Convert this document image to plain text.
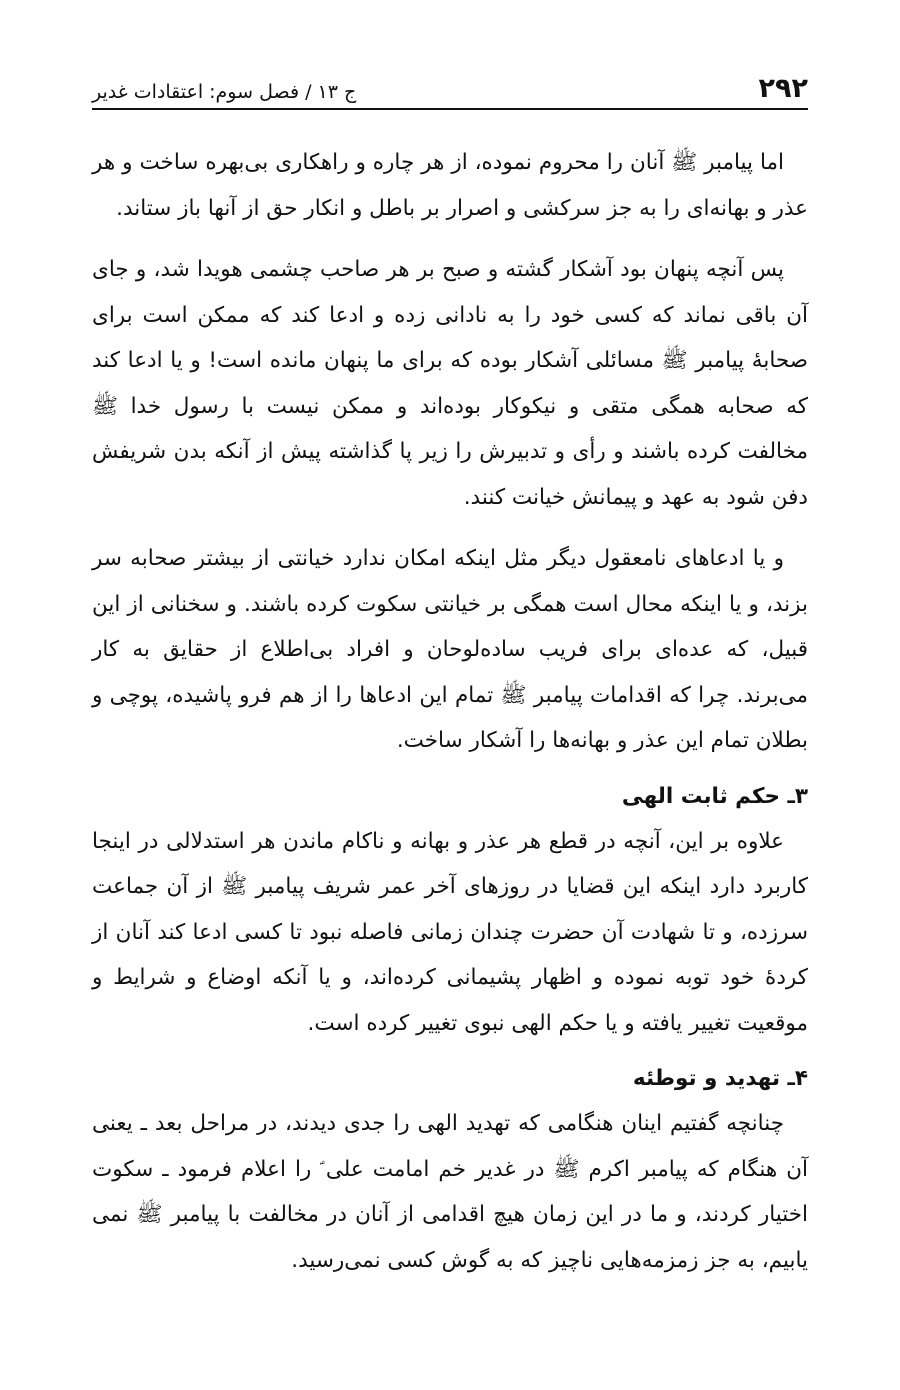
۲۹۲
ج ۱۳ / فصل سوم: اعتقادات غدیر

اما پیامبر ﷺ آنان را محروم نموده، از هر چاره و راهکاری بی‌بهره ساخت و هر عذر و بهانه‌ای را به جز سرکشی و اصرار بر باطل و انکار حق از آنها باز ستاند.

پس آنچه پنهان بود آشکار گشته و صبح بر هر صاحب چشمی هویدا شد، و جای آن باقی نماند که کسی خود را به نادانی زده و ادعا کند که ممکن است برای صحابهٔ پیامبر ﷺ مسائلی آشکار بوده که برای ما پنهان مانده است! و یا ادعا کند که صحابه همگی متقی و نیکوکار بوده‌اند و ممکن نیست با رسول خدا ﷺ مخالفت کرده باشند و رأی و تدبیرش را زیر پا گذاشته پیش از آنکه بدن شریفش دفن شود به عهد و پیمانش خیانت کنند.

و یا ادعاهای نامعقول دیگر مثل اینکه امکان ندارد خیانتی از بیشتر صحابه سر بزند، و یا اینکه محال است همگی بر خیانتی سکوت کرده باشند. و سخنانی از این قبیل، که عده‌ای برای فریب ساده‌لوحان و افراد بی‌اطلاع از حقایق به کار می‌برند. چرا که اقدامات پیامبر ﷺ تمام این ادعاها را از هم فرو پاشیده، پوچی و بطلان تمام این عذر و بهانه‌ها را آشکار ساخت.

۳ـ حکم ثابت الهی

علاوه بر این، آنچه در قطع هر عذر و بهانه و ناکام ماندن هر استدلالی در اینجا کاربرد دارد اینکه این قضایا در روزهای آخر عمر شریف پیامبر ﷺ از آن جماعت سرزده، و تا شهادت آن حضرت چندان زمانی فاصله نبود تا کسی ادعا کند آنان از کردهٔ خود توبه نموده و اظهار پشیمانی کرده‌اند، و یا آنکه اوضاع و شرایط و موقعیت تغییر یافته و یا حکم الهی نبوی تغییر کرده است.

۴ـ تهدید و توطئه

چنانچه گفتیم اینان هنگامی که تهدید الهی را جدی دیدند، در مراحل بعد ـ یعنی آن هنگام که پیامبر اکرم ﷺ در غدیر خم امامت علی ؑ را اعلام فرمود ـ سکوت اختیار کردند، و ما در این زمان هیچ اقدامی از آنان در مخالفت با پیامبر ﷺ نمی یابیم، به جز زمزمه‌هایی ناچیز که به گوش کسی نمی‌رسید.
